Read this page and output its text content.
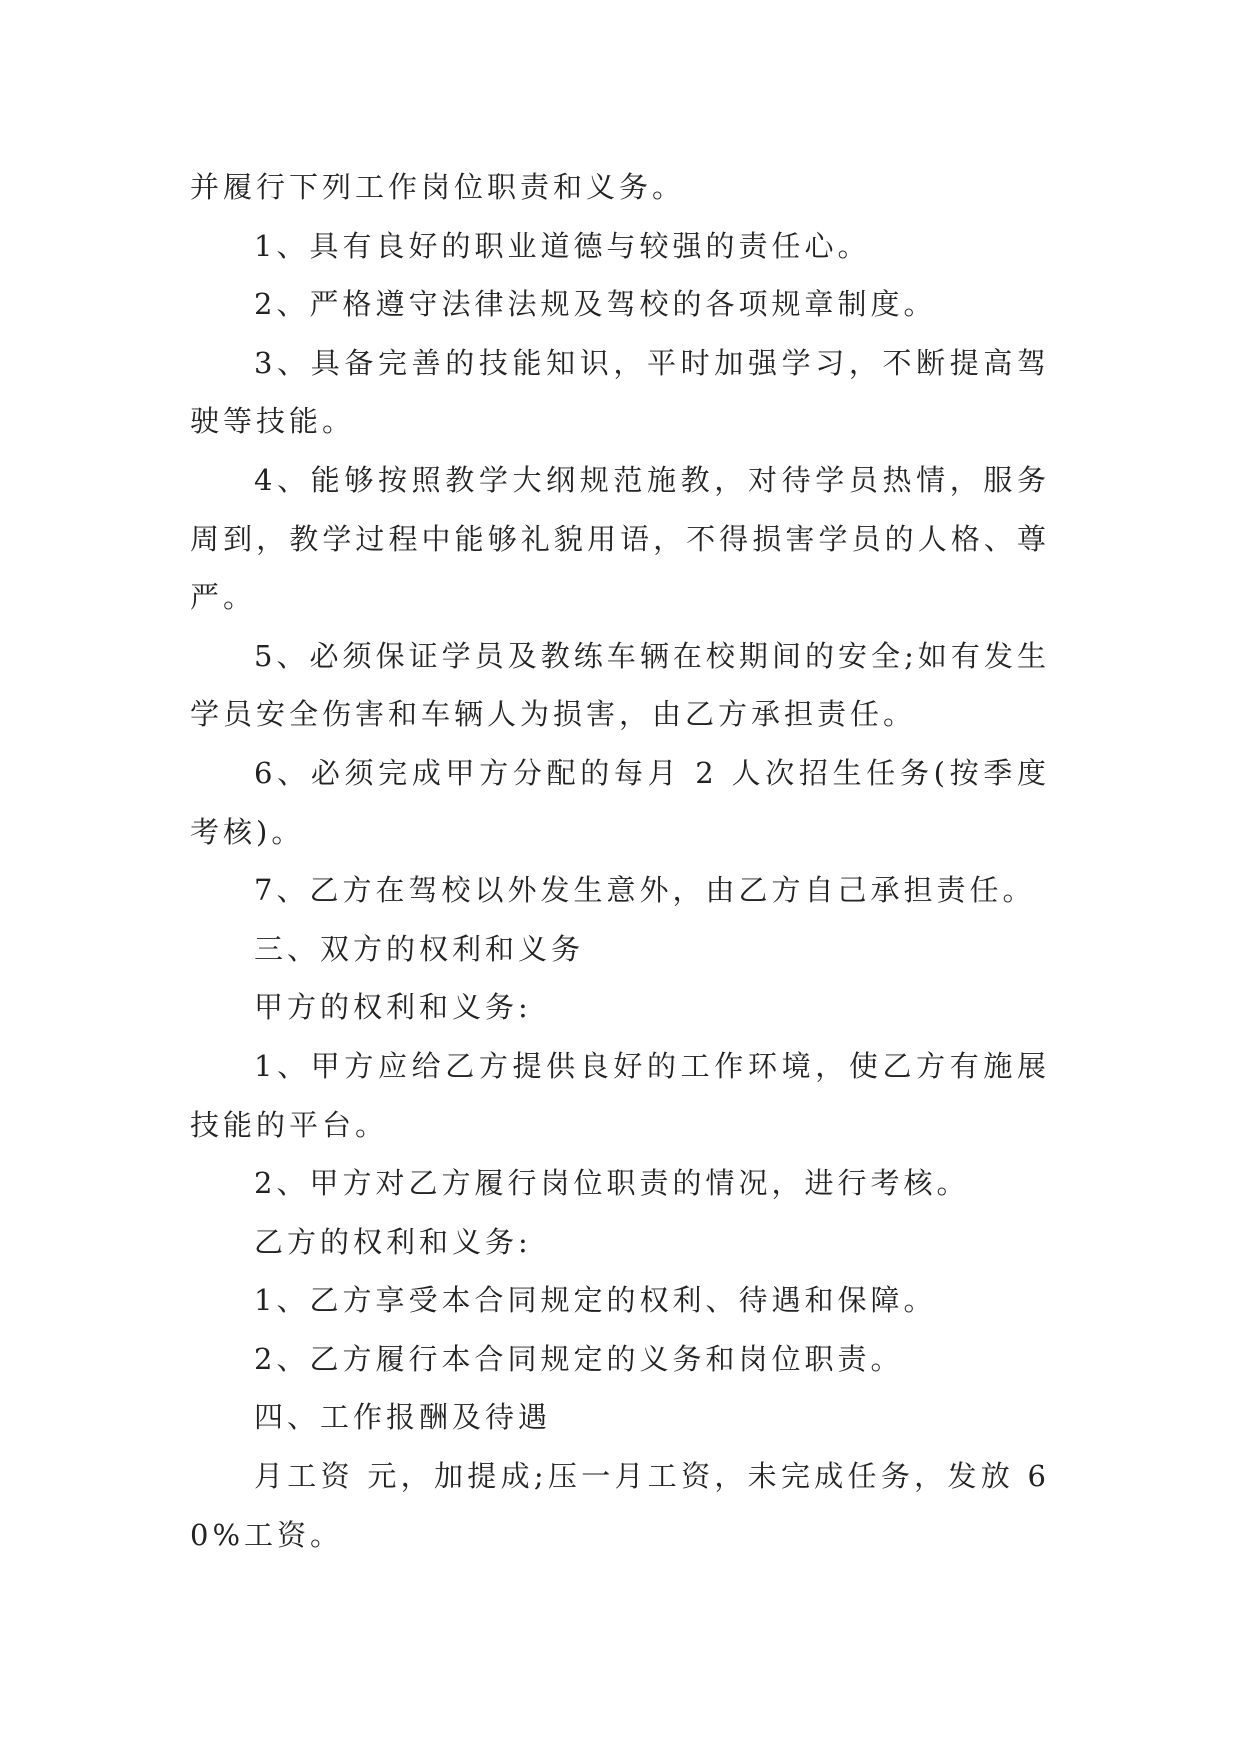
并履行下列工作岗位职责和义务。

1、具有良好的职业道德与较强的责任心。

2、严格遵守法律法规及驾校的各项规章制度。

3、具备完善的技能知识，平时加强学习，不断提高驾驶等技能。

4、能够按照教学大纲规范施教，对待学员热情，服务周到，教学过程中能够礼貌用语，不得损害学员的人格、尊严。

5、必须保证学员及教练车辆在校期间的安全;如有发生学员安全伤害和车辆人为损害，由乙方承担责任。

6、必须完成甲方分配的每月 2 人次招生任务(按季度考核)。

7、乙方在驾校以外发生意外，由乙方自己承担责任。

三、双方的权利和义务

甲方的权利和义务:

1、甲方应给乙方提供良好的工作环境，使乙方有施展技能的平台。

2、甲方对乙方履行岗位职责的情况，进行考核。

乙方的权利和义务:

1、乙方享受本合同规定的权利、待遇和保障。

2、乙方履行本合同规定的义务和岗位职责。

四、工作报酬及待遇

月工资 元，加提成;压一月工资，未完成任务，发放 60%工资。
